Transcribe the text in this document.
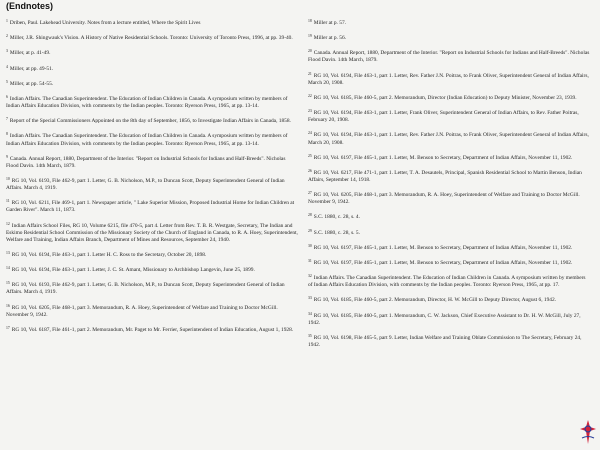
(Endnotes)
$^1$ Driben, Paul. Lakehead University. Notes from a lecture entitled, Where the Spirit Lives
$^2$ Miller, J.R. Shingwauk's Vision. A History of Native Residential Schools. Toronto: University of Toronto Press, 1996, at pp. 39-40.
$^3$ Miller, at p. 41-49.
$^4$ Miller, at pp. 49-51.
$^5$ Miller, at pp. 54-55.
$^6$ Indian Affairs. The Canadian Superintendent. The Education of Indian Children in Canada. A symposium written by members of Indian Affairs Education Division, with comments by the Indian peoples. Toronto: Ryerson Press, 1965, at pp. 13-14.
$^7$ Report of the Special Commissioners Appointed on the 8th day of September, 1856, to Investigate Indian Affairs in Canada, 1858.
$^8$ Indian Affairs. The Canadian Superintendent. The Education of Indian Children in Canada. A symposium written by members of Indian Affairs Education Division, with comments by the Indian peoples. Toronto: Ryerson Press, 1965, at pp. 13-14.
$^9$ Canada. Annual Report, 1880, Department of the Interior. "Report on Industrial Schools for Indians and Half-Breeds". Nicholas Flood Davin. 14th March, 1879.
$^{10}$ RG 10, Vol. 6193, File 462-9, part 1. Letter, G. B. Nicholson, M.P., to Duncan Scott, Deputy Superintendent General of Indian Affairs. March 4, 1919.
$^{11}$ RG 10, Vol. 6211, File 469-1, part 1. Newspaper article, " Lake Superior Mission, Proposed Industrial Home for Indian Children at Garden River". March 11, 1873.
$^{12}$ Indian Affairs School Files, RG 10, Volume 6215, file 470-5, part 4. Letter from Rev. T. B. R. Westgate, Secretary, The Indian and Eskimo Residential School Commission of the Missionary Society of the Church of England in Canada, to R. A. Hoey, Superintendent, Welfare and Training, Indian Affairs Branch, Department of Mines and Resources, September 24, 1940.
$^{13}$ RG 10, Vol. 6194, File 463-1, part 1. Letter H. C. Ross to the Secretary, October 20, 1898.
$^{14}$ RG 10, Vol. 6194, File 463-1, part 1. Letter, J. C. St. Amant, Missionary to Archbishop Langevin, June 25, 1899.
$^{15}$ RG 10, Vol. 6193, File 462-9, part 1. Letter, G. B. Nicholson, M.P., to Duncan Scott, Deputy Superintendent General of Indian Affairs. March 4, 1919.
$^{16}$ RG 10, Vol. 6205, File 468-1, part 3. Memorandum, R. A. Hoey, Superintendent of Welfare and Training to Doctor McGill. November 9, 1942.
$^{17}$ RG 10, Vol. 6187, File 461-1, part 2. Memorandum, Mr. Paget to Mr. Ferrier, Superintendent of Indian Education, August 1, 1928.
$^{18}$ Miller at p. 57.
$^{19}$ Miller at p. 56.
$^{20}$ Canada. Annual Report, 1880, Department of the Interior. "Report on Industrial Schools for Indians and Half-Breeds". Nicholas Flood Davin. 14th March, 1879.
$^{21}$ RG 10, Vol. 6194, File 463-1, part 1. Letter, Rev. Father J.N. Poitras, to Frank Oliver, Superintendent General of Indian Affairs, March 20, 1908.
$^{22}$ RG 10, Vol. 6185, File 460-5, part 2. Memorandum, Director (Indian Education) to Deputy Minister, November 23, 1939.
$^{23}$ RG 10, Vol. 6194, File 463-1, part 1. Letter, Frank Oliver, Superintendent General of Indian Affairs, to Rev. Father Poitras, February 20, 1908.
$^{24}$ RG 10, Vol. 6194, File 463-1, part 1. Letter, Rev. Father J.N. Poitras, to Frank Oliver, Superintendent General of Indian Affairs, March 20, 1908.
$^{25}$ RG 10, Vol. 6197, File 465-1, part 1. Letter, M. Benson to Secretary, Department of Indian Affairs, November 11, 1902.
$^{26}$ RG 10, Vol. 6217, File 471-1, part 1. Letter, T. A. Desautels, Principal, Spanish Residential School to Martin Benson, Indian Affairs, September 14, 1918.
$^{27}$ RG 10, Vol. 6205, File 468-1, part 3. Memorandum, R. A. Hoey, Superintendent of Welfare and Training to Doctor McGill. November 9, 1942.
$^{28}$ S.C. 1880, c. 28, s. 4.
$^{29}$ S.C. 1880, c. 28, s. 5.
$^{30}$ RG 10, Vol. 6197, File 465-1, part 1. Letter, M. Benson to Secretary, Department of Indian Affairs, November 11, 1902.
$^{31}$ RG 10, Vol. 6197, File 465-1, part 1. Letter, M. Benson to Secretary, Department of Indian Affairs, November 11, 1902.
$^{32}$ Indian Affairs. The Canadian Superintendent. The Education of Indian Children in Canada. A symposium written by members of Indian Affairs Education Division, with comments by the Indian peoples. Toronto: Ryerson Press, 1965, at pp. 17.
$^{33}$ RG 10, Vol. 6185, File 460-5, part 2. Memorandum, Director, H. W. McGill to Deputy Director, August 6, 1942.
$^{34}$ RG 10, Vol. 6185, File 460-5, part 1. Memorandum, C. W. Jackson, Chief Executive Assistant to Dr. H. W. McGill, July 27, 1942.
$^{35}$ RG 10, Vol. 6198, File 465-5, part 9. Letter, Indian Welfare and Training Oblate Commission to The Secretary, February 24, 1942.
